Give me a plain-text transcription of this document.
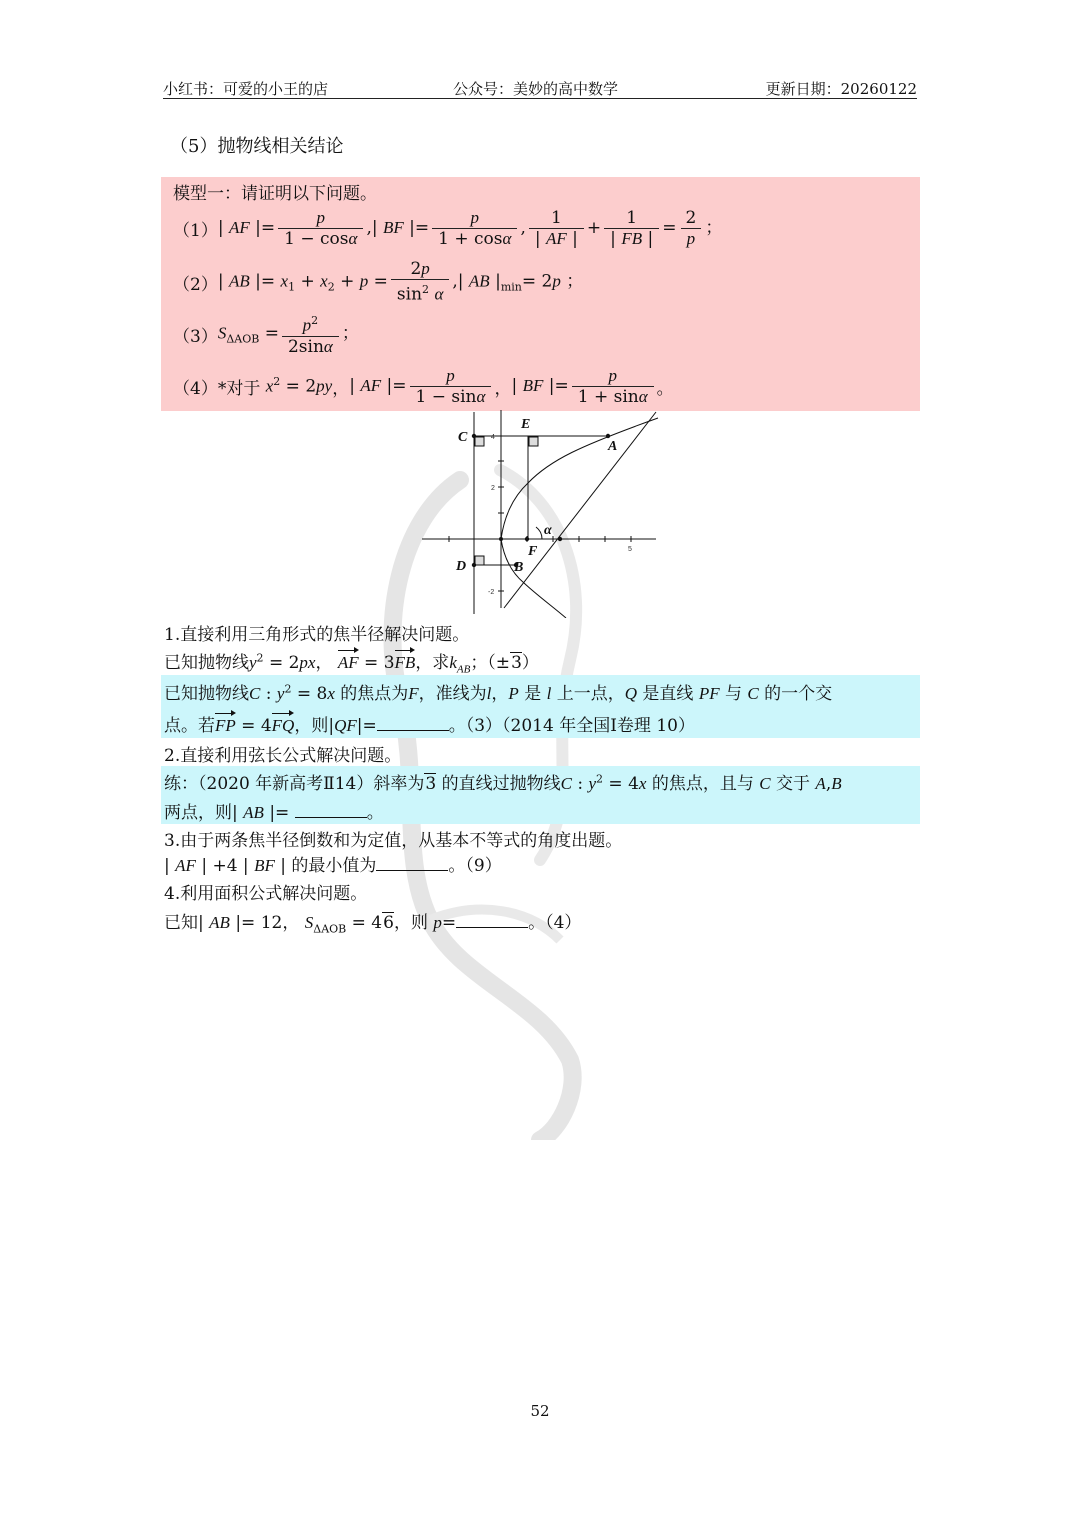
小红书：可爱的小王的店	公众号：美妙的高中数学	更新日期：20260122
（5）抛物线相关结论
模型一：请证明以下问题。
（1） | AF |= $\frac{p}{1 - \cos\alpha}$ ,| BF |= $\frac{p}{1 + \cos\alpha}$ , $\frac{1}{| AF |} + \frac{1}{| FB |} = \frac{2}{p}$ ；
（2） | AB |= $x_1 + x_2 + p = \frac{2p}{\sin^2 \alpha}$ ,| AB $|_{min}= 2p$ ；
（3） $S_{\Delta AOB} = \frac{p^2}{2\sin\alpha}$ ；
（4）*对于 $x^2 = 2py$ ， | AF |= $\frac{p}{1 - \sin\alpha}$ ， | BF |= $\frac{p}{1 + \sin\alpha}$ 。
C
E
A
D	B
F
α
4
2
-2
5
1.直接利用三角形式的焦半径解决问题。
已知抛物线$y^2 = 2px$， AF = 3FB，求$k_{AB}$；（±3）
已知抛物线C : $y^2 = 8x$ 的焦点为F，准线为l，P 是 l 上一点，Q 是直线 PF 与 C 的一个交
点。若FP = 4FQ，则|QF|=	。（3）（2014 年全国Ⅰ卷理 10）
2.直接利用弦长公式解决问题。
练：（2020 年新高考Ⅱ14）斜率为3 的直线过抛物线C : $y^2 = 4x$ 的焦点，且与 C 交于 A,B
两点，则| AB |=	。
3.由于两条焦半径倒数和为定值，从基本不等式的角度出题。
| AF | +4 | BF | 的最小值为	。（9）
4.利用面积公式解决问题。
已知| AB |= 12， $S_{\Delta AOB} = 46$，则 p=	。（4）
52
